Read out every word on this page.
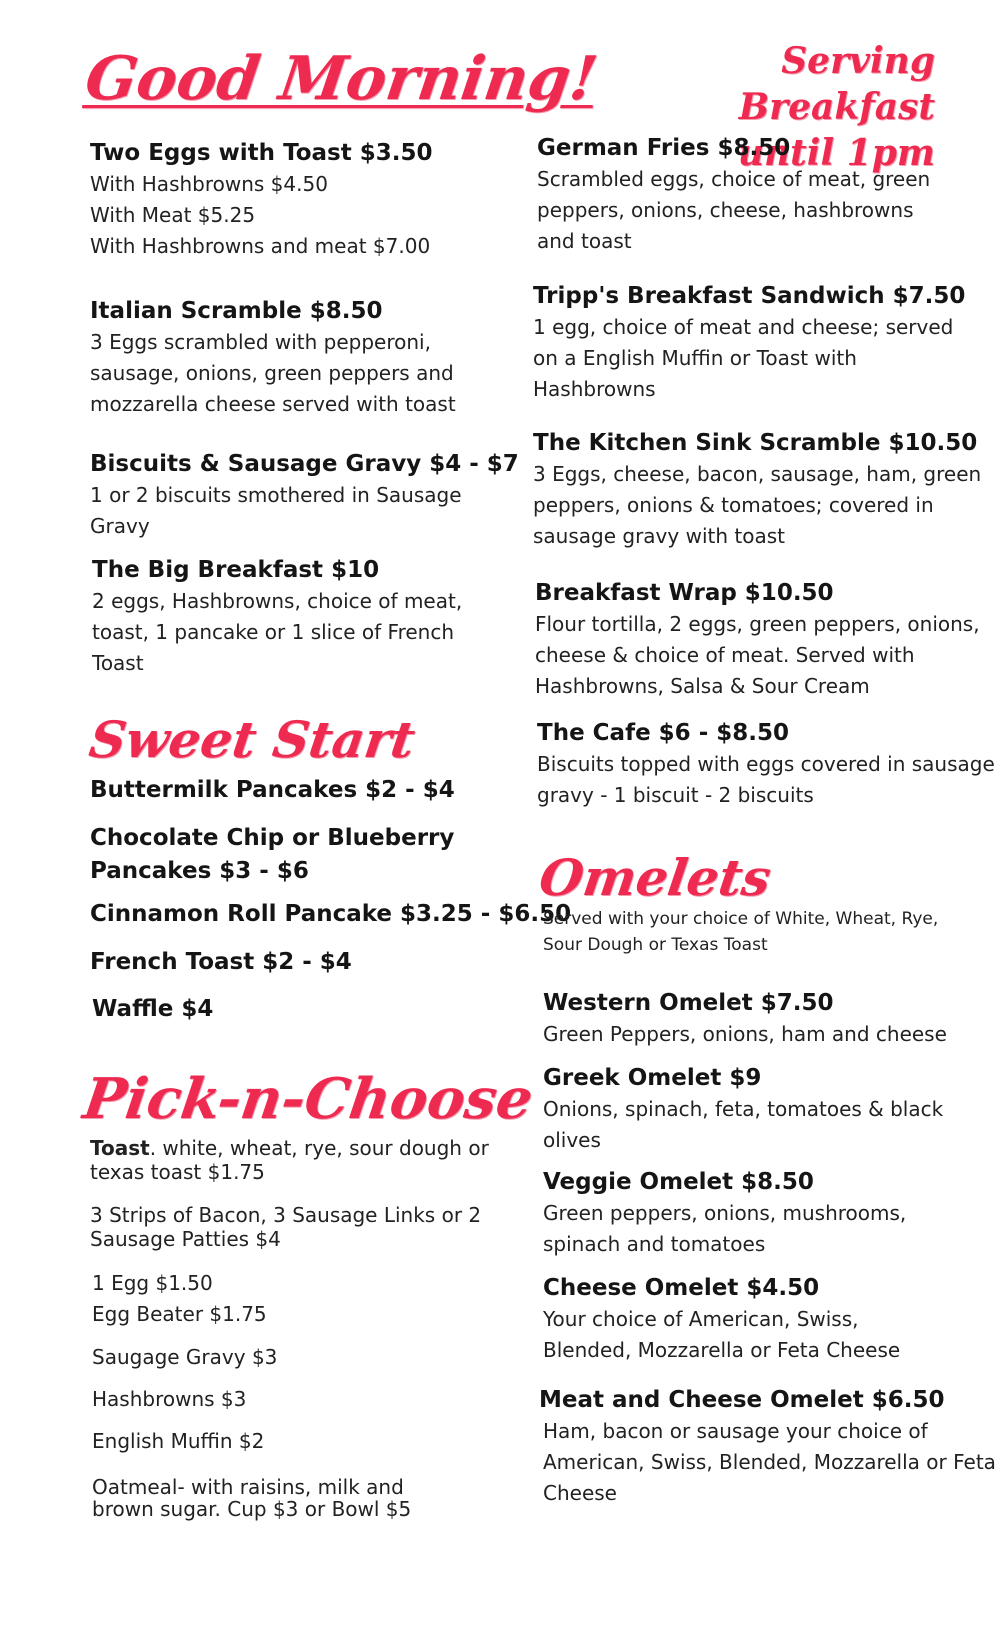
Good Morning!	Serving Breakfast
until 1pm
Sweet Start
Pick-n-Choose
Omelets
Two Eggs with Toast $3.50
With Hashbrowns $4.50
With Meat $5.25
With Hashbrowns and meat $7.00
Italian Scramble $8.50
3 Eggs scrambled with pepperoni,
sausage, onions, green peppers and
mozzarella cheese served with toast
Biscuits & Sausage Gravy $4 - $7
1 or 2 biscuits smothered in Sausage
Gravy
The Big Breakfast $10
2 eggs, Hashbrowns, choice of meat,
toast, 1 pancake or 1 slice of French
Toast
Buttermilk Pancakes $2 - $4
Chocolate Chip or Blueberry
Pancakes $3 - $6
Cinnamon Roll Pancake $3.25 - $6.50
French Toast $2 - $4
Waffle $4
Toast. white, wheat, rye, sour dough or
texas toast $1.75
3 Strips of Bacon, 3 Sausage Links or 2
Sausage Patties $4
1 Egg $1.50
Egg Beater $1.75
Saugage Gravy $3
Hashbrowns $3
English Muffin $2
Oatmeal- with raisins, milk and
brown sugar. Cup $3 or Bowl $5
German Fries $8.50
Scrambled eggs, choice of meat, green
peppers, onions, cheese, hashbrowns
and toast
Tripp's Breakfast Sandwich $7.50
1 egg, choice of meat and cheese; served
on a English Muffin or Toast with
Hashbrowns
The Kitchen Sink Scramble $10.50
3 Eggs, cheese, bacon, sausage, ham, green
peppers, onions & tomatoes; covered in
sausage gravy with toast
Breakfast Wrap $10.50
Flour tortilla, 2 eggs, green peppers, onions,
cheese & choice of meat. Served with
Hashbrowns, Salsa & Sour Cream
The Cafe $6 - $8.50
Biscuits topped with eggs covered in sausage
gravy - 1 biscuit - 2 biscuits
Served with your choice of White, Wheat, Rye,
Sour Dough or Texas Toast
Western Omelet $7.50
Green Peppers, onions, ham and cheese
Greek Omelet $9
Onions, spinach, feta, tomatoes & black
olives
Veggie Omelet $8.50
Green peppers, onions, mushrooms,
spinach and tomatoes
Cheese Omelet $4.50
Your choice of American, Swiss,
Blended, Mozzarella or Feta Cheese
Meat and Cheese Omelet $6.50
Ham, bacon or sausage your choice of
American, Swiss, Blended, Mozzarella or Feta
Cheese
